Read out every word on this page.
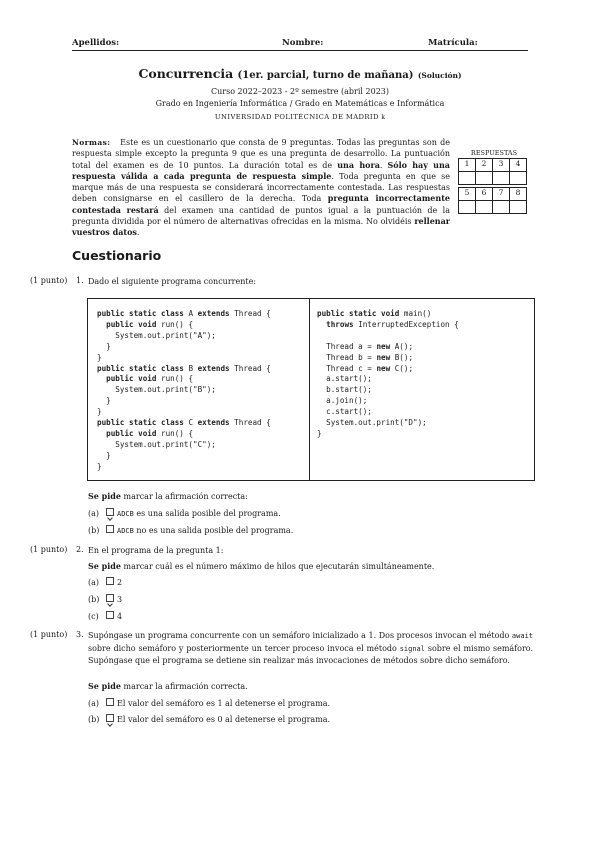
Apellidos:	Nombre:	Matrícula:
Concurrencia (1er. parcial, turno de mañana) (Solución)
Curso 2022–2023 - 2º semestre (abril 2023)
Grado en Ingeniería Informática / Grado en Matemáticas e Informática
UNIVERSIDAD POLITÉCNICA DE MADRID k
Normas: Este es un cuestionario que consta de 9 preguntas. Todas las preguntas son de respuesta simple excepto la pregunta 9 que es una pregunta de desarrollo. La puntuación total del examen es de 10 puntos. La duración total es de una hora. Sólo hay una respuesta válida a cada pregunta de respuesta simple. Toda pregunta en que se marque más de una respuesta se considerará incorrectamente contestada. Las respuestas deben consignarse en el casillero de la derecha. Toda pregunta incorrectamente contestada restará del examen una cantidad de puntos igual a la puntuación de la pregunta dividida por el número de alternativas ofrecidas en la misma. No olvidéis rellenar vuestros datos.
RESPUESTAS
1	2	3	4

5	6	7	8

Cuestionario
(1 punto) 1. Dado el siguiente programa concurrente:
public static class A extends Thread {
public void run() {
System.out.print("A");
}
}
public static class B extends Thread {
public void run() {
System.out.print("B");
}
}
public static class C extends Thread {
public void run() {
System.out.print("C");
}
}
public static void main()
throws InterruptedException {

Thread a = new A();
Thread b = new B();
Thread c = new C();
a.start();
b.start();
a.join();
c.start();
System.out.print("D");
}
Se pide marcar la afirmación correcta:
(a)	ADCB es una salida posible del programa.
(b)	ADCB no es una salida posible del programa.
(1 punto) 2. En el programa de la pregunta 1:
Se pide marcar cuál es el número máximo de hilos que ejecutarán simultáneamente.
(a) 2
(b) 3
(c) 4
(1 punto) 3. Supóngase un programa concurrente con un semáforo inicializado a 1. Dos procesos invocan el método await sobre dicho semáforo y posteriormente un tercer proceso invoca el método signal sobre el mismo semáforo. Supóngase que el programa se detiene sin realizar más invocaciones de métodos sobre dicho semáforo.
Se pide marcar la afirmación correcta.
(a) El valor del semáforo es 1 al detenerse el programa.
(b) El valor del semáforo es 0 al detenerse el programa.
